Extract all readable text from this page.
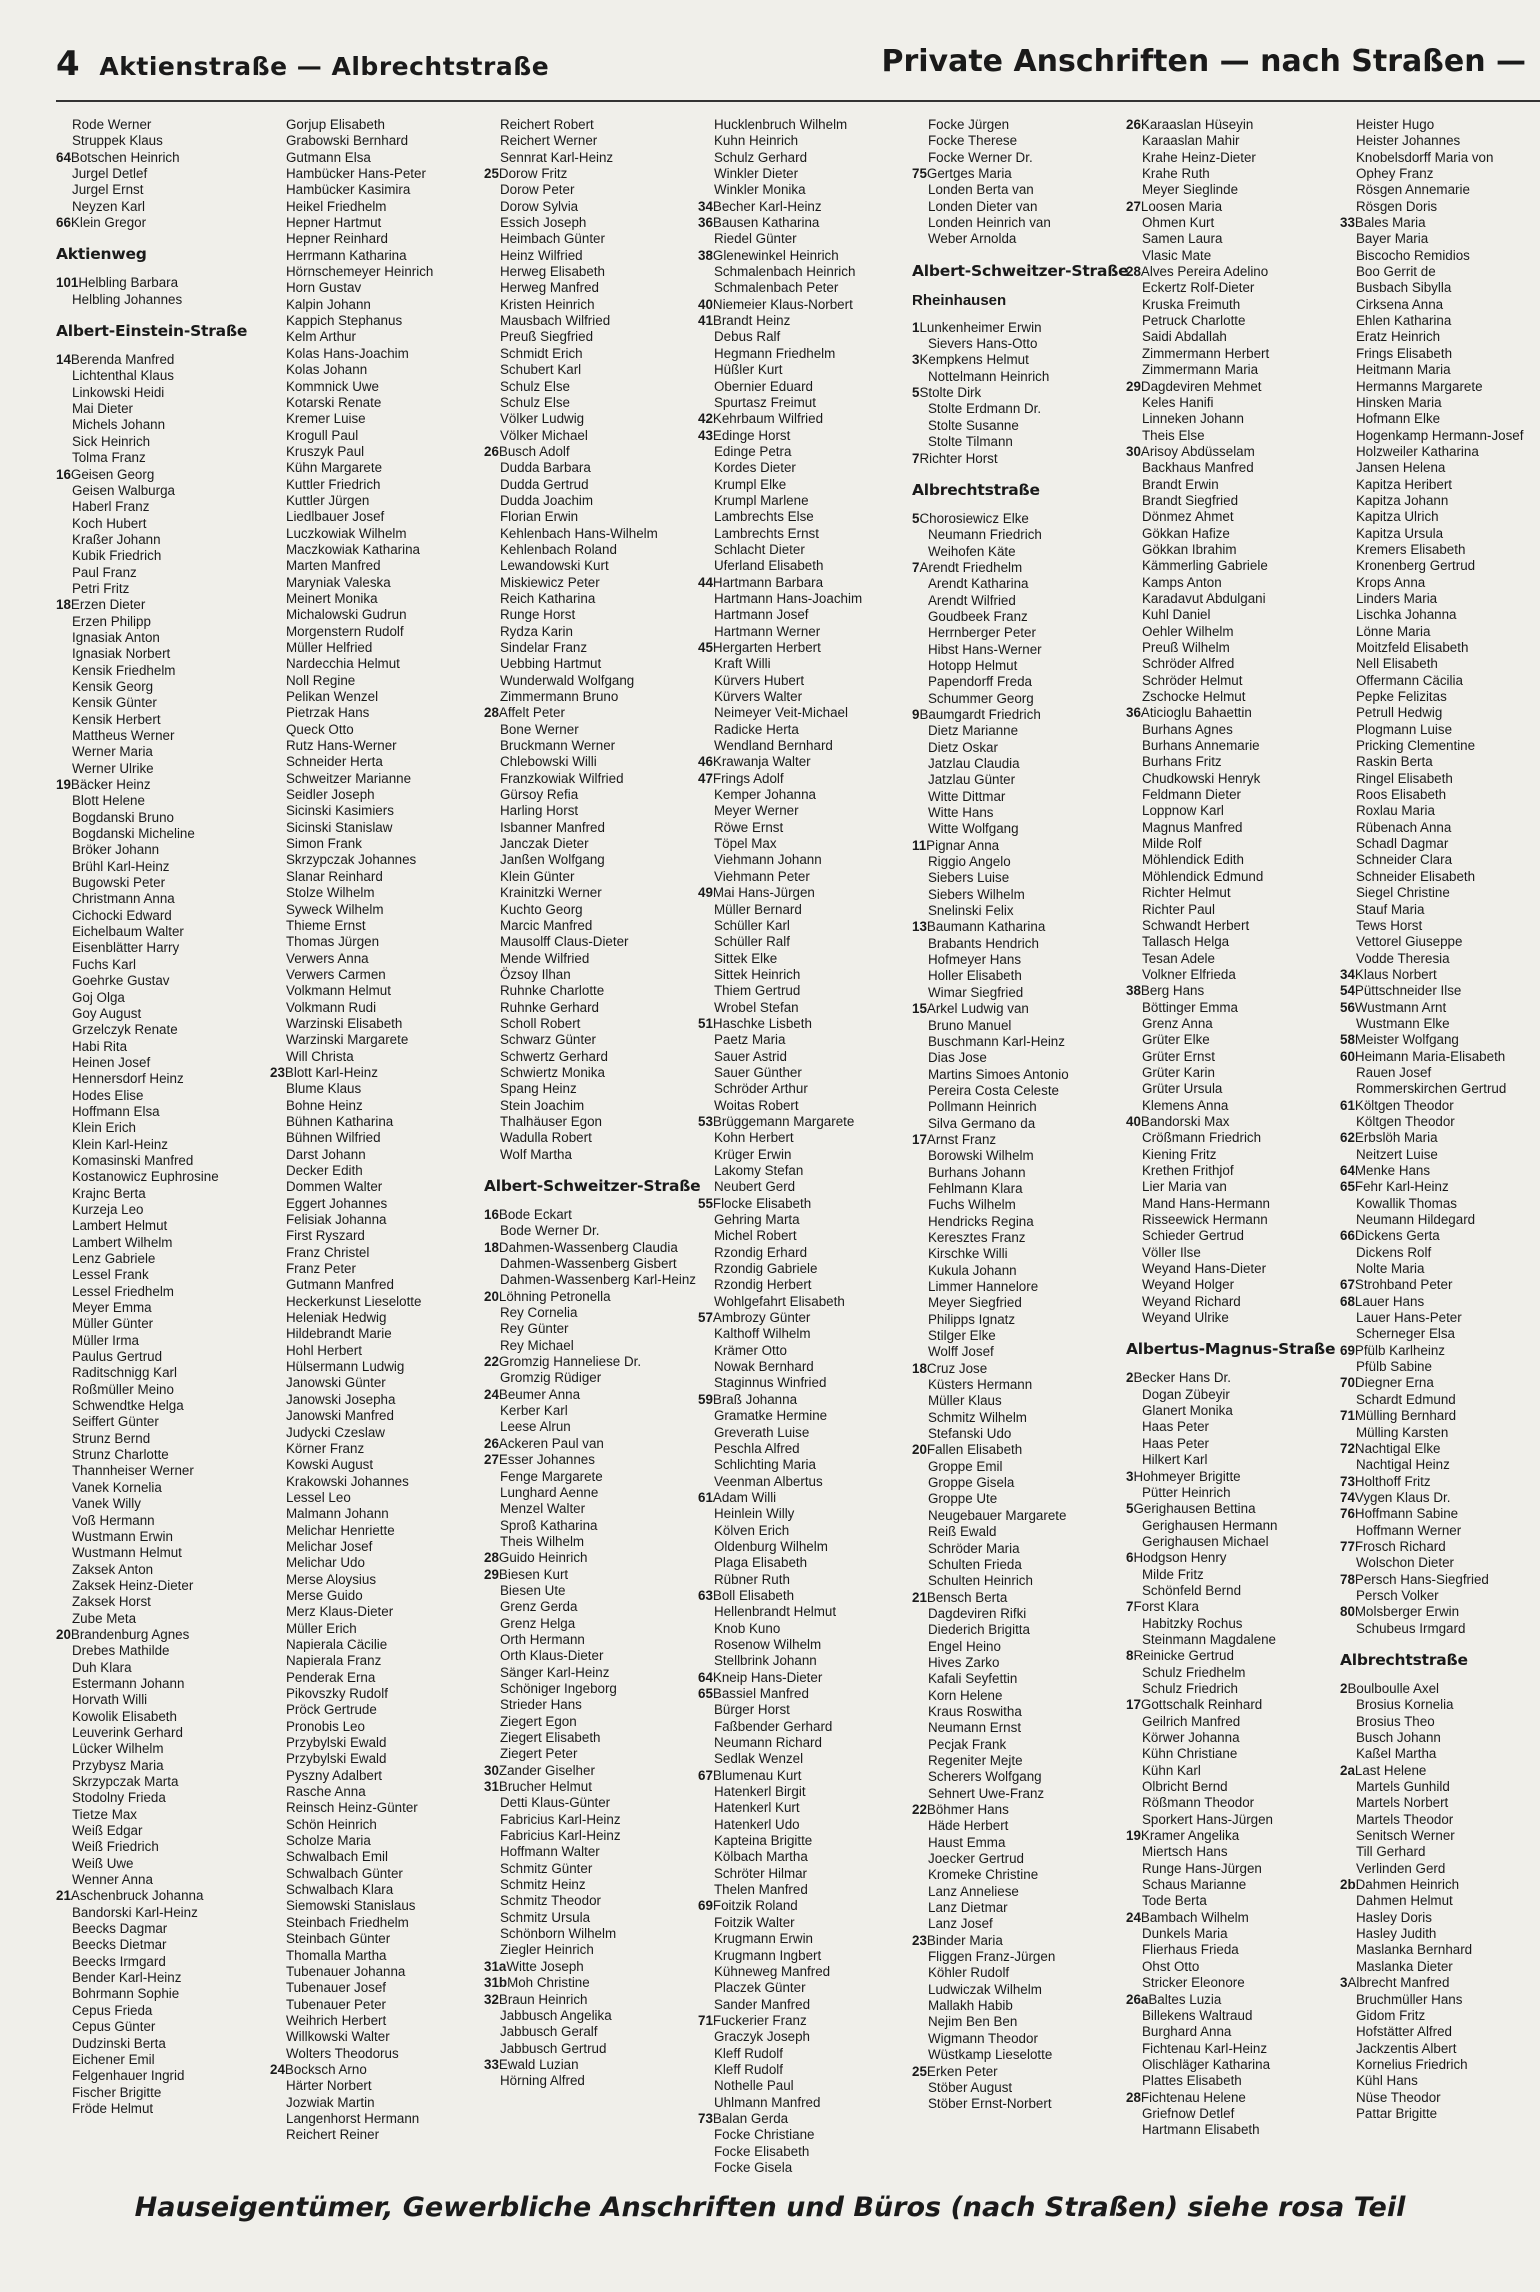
4 Aktienstraße — Albrechtstraße	Private Anschriften — nach Straßen —
Rode Werner
Struppek Klaus
64Botschen Heinrich
Jurgel Detlef
Jurgel Ernst
Neyzen Karl
66Klein Gregor
Aktienweg
101Helbling Barbara
Helbling Johannes
Albert-Einstein-Straße
14Berenda Manfred
Lichtenthal Klaus
Linkowski Heidi
Mai Dieter
Michels Johann
Sick Heinrich
Tolma Franz
16Geisen Georg
Geisen Walburga
Haberl Franz
Koch Hubert
Kraßer Johann
Kubik Friedrich
Paul Franz
Petri Fritz
18Erzen Dieter
Erzen Philipp
Ignasiak Anton
Ignasiak Norbert
Kensik Friedhelm
Kensik Georg
Kensik Günter
Kensik Herbert
Mattheus Werner
Werner Maria
Werner Ulrike
19Bäcker Heinz
Blott Helene
Bogdanski Bruno
Bogdanski Micheline
Bröker Johann
Brühl Karl-Heinz
Bugowski Peter
Christmann Anna
Cichocki Edward
Eichelbaum Walter
Eisenblätter Harry
Fuchs Karl
Goehrke Gustav
Goj Olga
Goy August
Grzelczyk Renate
Habi Rita
Heinen Josef
Hennersdorf Heinz
Hodes Elise
Hoffmann Elsa
Klein Erich
Klein Karl-Heinz
Komasinski Manfred
Kostanowicz Euphrosine
Krajnc Berta
Kurzeja Leo
Lambert Helmut
Lambert Wilhelm
Lenz Gabriele
Lessel Frank
Lessel Friedhelm
Meyer Emma
Müller Günter
Müller Irma
Paulus Gertrud
Raditschnigg Karl
Roßmüller Meino
Schwendtke Helga
Seiffert Günter
Strunz Bernd
Strunz Charlotte
Thannheiser Werner
Vanek Kornelia
Vanek Willy
Voß Hermann
Wustmann Erwin
Wustmann Helmut
Zaksek Anton
Zaksek Heinz-Dieter
Zaksek Horst
Zube Meta
20Brandenburg Agnes
Drebes Mathilde
Duh Klara
Estermann Johann
Horvath Willi
Kowolik Elisabeth
Leuverink Gerhard
Lücker Wilhelm
Przybysz Maria
Skrzypczak Marta
Stodolny Frieda
Tietze Max
Weiß Edgar
Weiß Friedrich
Weiß Uwe
Wenner Anna
21Aschenbruck Johanna
Bandorski Karl-Heinz
Beecks Dagmar
Beecks Dietmar
Beecks Irmgard
Bender Karl-Heinz
Bohrmann Sophie
Cepus Frieda
Cepus Günter
Dudzinski Berta
Eichener Emil
Felgenhauer Ingrid
Fischer Brigitte
Fröde Helmut
Gorjup Elisabeth
Grabowski Bernhard
Gutmann Elsa
Hambücker Hans-Peter
Hambücker Kasimira
Heikel Friedhelm
Hepner Hartmut
Hepner Reinhard
Herrmann Katharina
Hörnschemeyer Heinrich
Horn Gustav
Kalpin Johann
Kappich Stephanus
Kelm Arthur
Kolas Hans-Joachim
Kolas Johann
Kommnick Uwe
Kotarski Renate
Kremer Luise
Krogull Paul
Kruszyk Paul
Kühn Margarete
Kuttler Friedrich
Kuttler Jürgen
Liedlbauer Josef
Luczkowiak Wilhelm
Maczkowiak Katharina
Marten Manfred
Maryniak Valeska
Meinert Monika
Michalowski Gudrun
Morgenstern Rudolf
Müller Helfried
Nardecchia Helmut
Noll Regine
Pelikan Wenzel
Pietrzak Hans
Queck Otto
Rutz Hans-Werner
Schneider Herta
Schweitzer Marianne
Seidler Joseph
Sicinski Kasimiers
Sicinski Stanislaw
Simon Frank
Skrzypczak Johannes
Slanar Reinhard
Stolze Wilhelm
Syweck Wilhelm
Thieme Ernst
Thomas Jürgen
Verwers Anna
Verwers Carmen
Volkmann Helmut
Volkmann Rudi
Warzinski Elisabeth
Warzinski Margarete
Will Christa
23Blott Karl-Heinz
Blume Klaus
Bohne Heinz
Bühnen Katharina
Bühnen Wilfried
Darst Johann
Decker Edith
Dommen Walter
Eggert Johannes
Felisiak Johanna
First Ryszard
Franz Christel
Franz Peter
Gutmann Manfred
Heckerkunst Lieselotte
Heleniak Hedwig
Hildebrandt Marie
Hohl Herbert
Hülsermann Ludwig
Janowski Günter
Janowski Josepha
Janowski Manfred
Judycki Czeslaw
Körner Franz
Kowski August
Krakowski Johannes
Lessel Leo
Malmann Johann
Melichar Henriette
Melichar Josef
Melichar Udo
Merse Aloysius
Merse Guido
Merz Klaus-Dieter
Müller Erich
Napierala Cäcilie
Napierala Franz
Penderak Erna
Pikovszky Rudolf
Pröck Gertrude
Pronobis Leo
Przybylski Ewald
Przybylski Ewald
Pyszny Adalbert
Rasche Anna
Reinsch Heinz-Günter
Schön Heinrich
Scholze Maria
Schwalbach Emil
Schwalbach Günter
Schwalbach Klara
Siemowski Stanislaus
Steinbach Friedhelm
Steinbach Günter
Thomalla Martha
Tubenauer Johanna
Tubenauer Josef
Tubenauer Peter
Weihrich Herbert
Willkowski Walter
Wolters Theodorus
24Bocksch Arno
Härter Norbert
Jozwiak Martin
Langenhorst Hermann
Reichert Reiner
Reichert Robert
Reichert Werner
Sennrat Karl-Heinz
25Dorow Fritz
Dorow Peter
Dorow Sylvia
Essich Joseph
Heimbach Günter
Heinz Wilfried
Herweg Elisabeth
Herweg Manfred
Kristen Heinrich
Mausbach Wilfried
Preuß Siegfried
Schmidt Erich
Schubert Karl
Schulz Else
Schulz Else
Völker Ludwig
Völker Michael
26Busch Adolf
Dudda Barbara
Dudda Gertrud
Dudda Joachim
Florian Erwin
Kehlenbach Hans-Wilhelm
Kehlenbach Roland
Lewandowski Kurt
Miskiewicz Peter
Reich Katharina
Runge Horst
Rydza Karin
Sindelar Franz
Uebbing Hartmut
Wunderwald Wolfgang
Zimmermann Bruno
28Affelt Peter
Bone Werner
Bruckmann Werner
Chlebowski Willi
Franzkowiak Wilfried
Gürsoy Refia
Harling Horst
Isbanner Manfred
Janczak Dieter
Janßen Wolfgang
Klein Günter
Krainitzki Werner
Kuchto Georg
Marcic Manfred
Mausolff Claus-Dieter
Mende Wilfried
Özsoy Ilhan
Ruhnke Charlotte
Ruhnke Gerhard
Scholl Robert
Schwarz Günter
Schwertz Gerhard
Schwiertz Monika
Spang Heinz
Stein Joachim
Thalhäuser Egon
Wadulla Robert
Wolf Martha
Albert-Schweitzer-Straße
16Bode Eckart
Bode Werner Dr.
18Dahmen-Wassenberg Claudia
Dahmen-Wassenberg Gisbert
Dahmen-Wassenberg Karl-Heinz
20Löhning Petronella
Rey Cornelia
Rey Günter
Rey Michael
22Gromzig Hanneliese Dr.
Gromzig Rüdiger
24Beumer Anna
Kerber Karl
Leese Alrun
26Ackeren Paul van
27Esser Johannes
Fenge Margarete
Lunghard Aenne
Menzel Walter
Sproß Katharina
Theis Wilhelm
28Guido Heinrich
29Biesen Kurt
Biesen Ute
Grenz Gerda
Grenz Helga
Orth Hermann
Orth Klaus-Dieter
Sänger Karl-Heinz
Schöniger Ingeborg
Strieder Hans
Ziegert Egon
Ziegert Elisabeth
Ziegert Peter
30Zander Giselher
31Brucher Helmut
Detti Klaus-Günter
Fabricius Karl-Heinz
Fabricius Karl-Heinz
Hoffmann Walter
Schmitz Günter
Schmitz Heinz
Schmitz Theodor
Schmitz Ursula
Schönborn Wilhelm
Ziegler Heinrich
31aWitte Joseph
31bMoh Christine
32Braun Heinrich
Jabbusch Angelika
Jabbusch Geralf
Jabbusch Gertrud
33Ewald Luzian
Hörning Alfred
Hucklenbruch Wilhelm
Kuhn Heinrich
Schulz Gerhard
Winkler Dieter
Winkler Monika
34Becher Karl-Heinz
36Bausen Katharina
Riedel Günter
38Glenewinkel Heinrich
Schmalenbach Heinrich
Schmalenbach Peter
40Niemeier Klaus-Norbert
41Brandt Heinz
Debus Ralf
Hegmann Friedhelm
Hüßler Kurt
Obernier Eduard
Spurtasz Freimut
42Kehrbaum Wilfried
43Edinge Horst
Edinge Petra
Kordes Dieter
Krumpl Elke
Krumpl Marlene
Lambrechts Else
Lambrechts Ernst
Schlacht Dieter
Uferland Elisabeth
44Hartmann Barbara
Hartmann Hans-Joachim
Hartmann Josef
Hartmann Werner
45Hergarten Herbert
Kraft Willi
Kürvers Hubert
Kürvers Walter
Neimeyer Veit-Michael
Radicke Herta
Wendland Bernhard
46Krawanja Walter
47Frings Adolf
Kemper Johanna
Meyer Werner
Röwe Ernst
Töpel Max
Viehmann Johann
Viehmann Peter
49Mai Hans-Jürgen
Müller Bernard
Schüller Karl
Schüller Ralf
Sittek Elke
Sittek Heinrich
Thiem Gertrud
Wrobel Stefan
51Haschke Lisbeth
Paetz Maria
Sauer Astrid
Sauer Günther
Schröder Arthur
Woitas Robert
53Brüggemann Margarete
Kohn Herbert
Krüger Erwin
Lakomy Stefan
Neubert Gerd
55Flocke Elisabeth
Gehring Marta
Michel Robert
Rzondig Erhard
Rzondig Gabriele
Rzondig Herbert
Wohlgefahrt Elisabeth
57Ambrozy Günter
Kalthoff Wilhelm
Krämer Otto
Nowak Bernhard
Staginnus Winfried
59Braß Johanna
Gramatke Hermine
Greverath Luise
Peschla Alfred
Schlichting Maria
Veenman Albertus
61Adam Willi
Heinlein Willy
Kölven Erich
Oldenburg Wilhelm
Plaga Elisabeth
Rübner Ruth
63Boll Elisabeth
Hellenbrandt Helmut
Knob Kuno
Rosenow Wilhelm
Stellbrink Johann
64Kneip Hans-Dieter
65Bassiel Manfred
Bürger Horst
Faßbender Gerhard
Neumann Richard
Sedlak Wenzel
67Blumenau Kurt
Hatenkerl Birgit
Hatenkerl Kurt
Hatenkerl Udo
Kapteina Brigitte
Kölbach Martha
Schröter Hilmar
Thelen Manfred
69Foitzik Roland
Foitzik Walter
Krugmann Erwin
Krugmann Ingbert
Kühneweg Manfred
Placzek Günter
Sander Manfred
71Fuckerier Franz
Graczyk Joseph
Kleff Rudolf
Kleff Rudolf
Nothelle Paul
Uhlmann Manfred
73Balan Gerda
Focke Christiane
Focke Elisabeth
Focke Gisela
Focke Jürgen
Focke Therese
Focke Werner Dr.
75Gertges Maria
Londen Berta van
Londen Dieter van
Londen Heinrich van
Weber Arnolda
Albert-Schweitzer-Straße
Rheinhausen
1Lunkenheimer Erwin
Sievers Hans-Otto
3Kempkens Helmut
Nottelmann Heinrich
5Stolte Dirk
Stolte Erdmann Dr.
Stolte Susanne
Stolte Tilmann
7Richter Horst
Albrechtstraße
5Chorosiewicz Elke
Neumann Friedrich
Weihofen Käte
7Arendt Friedhelm
Arendt Katharina
Arendt Wilfried
Goudbeek Franz
Herrnberger Peter
Hibst Hans-Werner
Hotopp Helmut
Papendorff Freda
Schummer Georg
9Baumgardt Friedrich
Dietz Marianne
Dietz Oskar
Jatzlau Claudia
Jatzlau Günter
Witte Dittmar
Witte Hans
Witte Wolfgang
11Pignar Anna
Riggio Angelo
Siebers Luise
Siebers Wilhelm
Snelinski Felix
13Baumann Katharina
Brabants Hendrich
Hofmeyer Hans
Holler Elisabeth
Wimar Siegfried
15Arkel Ludwig van
Bruno Manuel
Buschmann Karl-Heinz
Dias Jose
Martins Simoes Antonio
Pereira Costa Celeste
Pollmann Heinrich
Silva Germano da
17Arnst Franz
Borowski Wilhelm
Burhans Johann
Fehlmann Klara
Fuchs Wilhelm
Hendricks Regina
Keresztes Franz
Kirschke Willi
Kukula Johann
Limmer Hannelore
Meyer Siegfried
Philipps Ignatz
Stilger Elke
Wolff Josef
18Cruz Jose
Küsters Hermann
Müller Klaus
Schmitz Wilhelm
Stefanski Udo
20Fallen Elisabeth
Groppe Emil
Groppe Gisela
Groppe Ute
Neugebauer Margarete
Reiß Ewald
Schröder Maria
Schulten Frieda
Schulten Heinrich
21Bensch Berta
Dagdeviren Rifki
Diederich Brigitta
Engel Heino
Hives Zarko
Kafali Seyfettin
Korn Helene
Kraus Roswitha
Neumann Ernst
Pecjak Frank
Regeniter Mejte
Scherers Wolfgang
Sehnert Uwe-Franz
22Böhmer Hans
Häde Herbert
Haust Emma
Joecker Gertrud
Kromeke Christine
Lanz Anneliese
Lanz Dietmar
Lanz Josef
23Binder Maria
Fliggen Franz-Jürgen
Köhler Rudolf
Ludwiczak Wilhelm
Mallakh Habib
Nejim Ben Ben
Wigmann Theodor
Wüstkamp Lieselotte
25Erken Peter
Stöber August
Stöber Ernst-Norbert
26Karaaslan Hüseyin
Karaaslan Mahir
Krahe Heinz-Dieter
Krahe Ruth
Meyer Sieglinde
27Loosen Maria
Ohmen Kurt
Samen Laura
Vlasic Mate
28Alves Pereira Adelino
Eckertz Rolf-Dieter
Kruska Freimuth
Petruck Charlotte
Saidi Abdallah
Zimmermann Herbert
Zimmermann Maria
29Dagdeviren Mehmet
Keles Hanifi
Linneken Johann
Theis Else
30Arisoy Abdüsselam
Backhaus Manfred
Brandt Erwin
Brandt Siegfried
Dönmez Ahmet
Gökkan Hafize
Gökkan Ibrahim
Kämmerling Gabriele
Kamps Anton
Karadavut Abdulgani
Kuhl Daniel
Oehler Wilhelm
Preuß Wilhelm
Schröder Alfred
Schröder Helmut
Zschocke Helmut
36Aticioglu Bahaettin
Burhans Agnes
Burhans Annemarie
Burhans Fritz
Chudkowski Henryk
Feldmann Dieter
Loppnow Karl
Magnus Manfred
Milde Rolf
Möhlendick Edith
Möhlendick Edmund
Richter Helmut
Richter Paul
Schwandt Herbert
Tallasch Helga
Tesan Adele
Volkner Elfrieda
38Berg Hans
Böttinger Emma
Grenz Anna
Grüter Elke
Grüter Ernst
Grüter Karin
Grüter Ursula
Klemens Anna
40Bandorski Max
Crößmann Friedrich
Kiening Fritz
Krethen Frithjof
Lier Maria van
Mand Hans-Hermann
Risseewick Hermann
Schieder Gertrud
Völler Ilse
Weyand Hans-Dieter
Weyand Holger
Weyand Richard
Weyand Ulrike
Albertus-Magnus-Straße
2Becker Hans Dr.
Dogan Zübeyir
Glanert Monika
Haas Peter
Haas Peter
Hilkert Karl
3Hohmeyer Brigitte
Pütter Heinrich
5Gerighausen Bettina
Gerighausen Hermann
Gerighausen Michael
6Hodgson Henry
Milde Fritz
Schönfeld Bernd
7Forst Klara
Habitzky Rochus
Steinmann Magdalene
8Reinicke Gertrud
Schulz Friedhelm
Schulz Friedrich
17Gottschalk Reinhard
Geilrich Manfred
Körwer Johanna
Kühn Christiane
Kühn Karl
Olbricht Bernd
Rößmann Theodor
Sporkert Hans-Jürgen
19Kramer Angelika
Miertsch Hans
Runge Hans-Jürgen
Schaus Marianne
Tode Berta
24Bambach Wilhelm
Dunkels Maria
Flierhaus Frieda
Ohst Otto
Stricker Eleonore
26aBaltes Luzia
Billekens Waltraud
Burghard Anna
Fichtenau Karl-Heinz
Olischläger Katharina
Plattes Elisabeth
28Fichtenau Helene
Griefnow Detlef
Hartmann Elisabeth
Heister Hugo
Heister Johannes
Knobelsdorff Maria von
Ophey Franz
Rösgen Annemarie
Rösgen Doris
33Bales Maria
Bayer Maria
Biscocho Remidios
Boo Gerrit de
Busbach Sibylla
Cirksena Anna
Ehlen Katharina
Eratz Heinrich
Frings Elisabeth
Heitmann Maria
Hermanns Margarete
Hinsken Maria
Hofmann Elke
Hogenkamp Hermann-Josef
Holzweiler Katharina
Jansen Helena
Kapitza Heribert
Kapitza Johann
Kapitza Ulrich
Kapitza Ursula
Kremers Elisabeth
Kronenberg Gertrud
Krops Anna
Linders Maria
Lischka Johanna
Lönne Maria
Moitzfeld Elisabeth
Nell Elisabeth
Offermann Cäcilia
Pepke Felizitas
Petrull Hedwig
Plogmann Luise
Pricking Clementine
Raskin Berta
Ringel Elisabeth
Roos Elisabeth
Roxlau Maria
Rübenach Anna
Schadl Dagmar
Schneider Clara
Schneider Elisabeth
Siegel Christine
Stauf Maria
Tews Horst
Vettorel Giuseppe
Vodde Theresia
34Klaus Norbert
54Püttschneider Ilse
56Wustmann Arnt
Wustmann Elke
58Meister Wolfgang
60Heimann Maria-Elisabeth
Rauen Josef
Rommerskirchen Gertrud
61Költgen Theodor
Költgen Theodor
62Erbslöh Maria
Neitzert Luise
64Menke Hans
65Fehr Karl-Heinz
Kowallik Thomas
Neumann Hildegard
66Dickens Gerta
Dickens Rolf
Nolte Maria
67Strohband Peter
68Lauer Hans
Lauer Hans-Peter
Scherneger Elsa
69Pfülb Karlheinz
Pfülb Sabine
70Diegner Erna
Schardt Edmund
71Mülling Bernhard
Mülling Karsten
72Nachtigal Elke
Nachtigal Heinz
73Holthoff Fritz
74Vygen Klaus Dr.
76Hoffmann Sabine
Hoffmann Werner
77Frosch Richard
Wolschon Dieter
78Persch Hans-Siegfried
Persch Volker
80Molsberger Erwin
Schubeus Irmgard
Albrechtstraße
2Boulboulle Axel
Brosius Kornelia
Brosius Theo
Busch Johann
Kaßel Martha
2aLast Helene
Martels Gunhild
Martels Norbert
Martels Theodor
Senitsch Werner
Till Gerhard
Verlinden Gerd
2bDahmen Heinrich
Dahmen Helmut
Hasley Doris
Hasley Judith
Maslanka Bernhard
Maslanka Dieter
3Albrecht Manfred
Bruchmüller Hans
Gidom Fritz
Hofstätter Alfred
Jackzentis Albert
Kornelius Friedrich
Kühl Hans
Nüse Theodor
Pattar Brigitte
Hauseigentümer, Gewerbliche Anschriften und Büros (nach Straßen) siehe rosa Teil
